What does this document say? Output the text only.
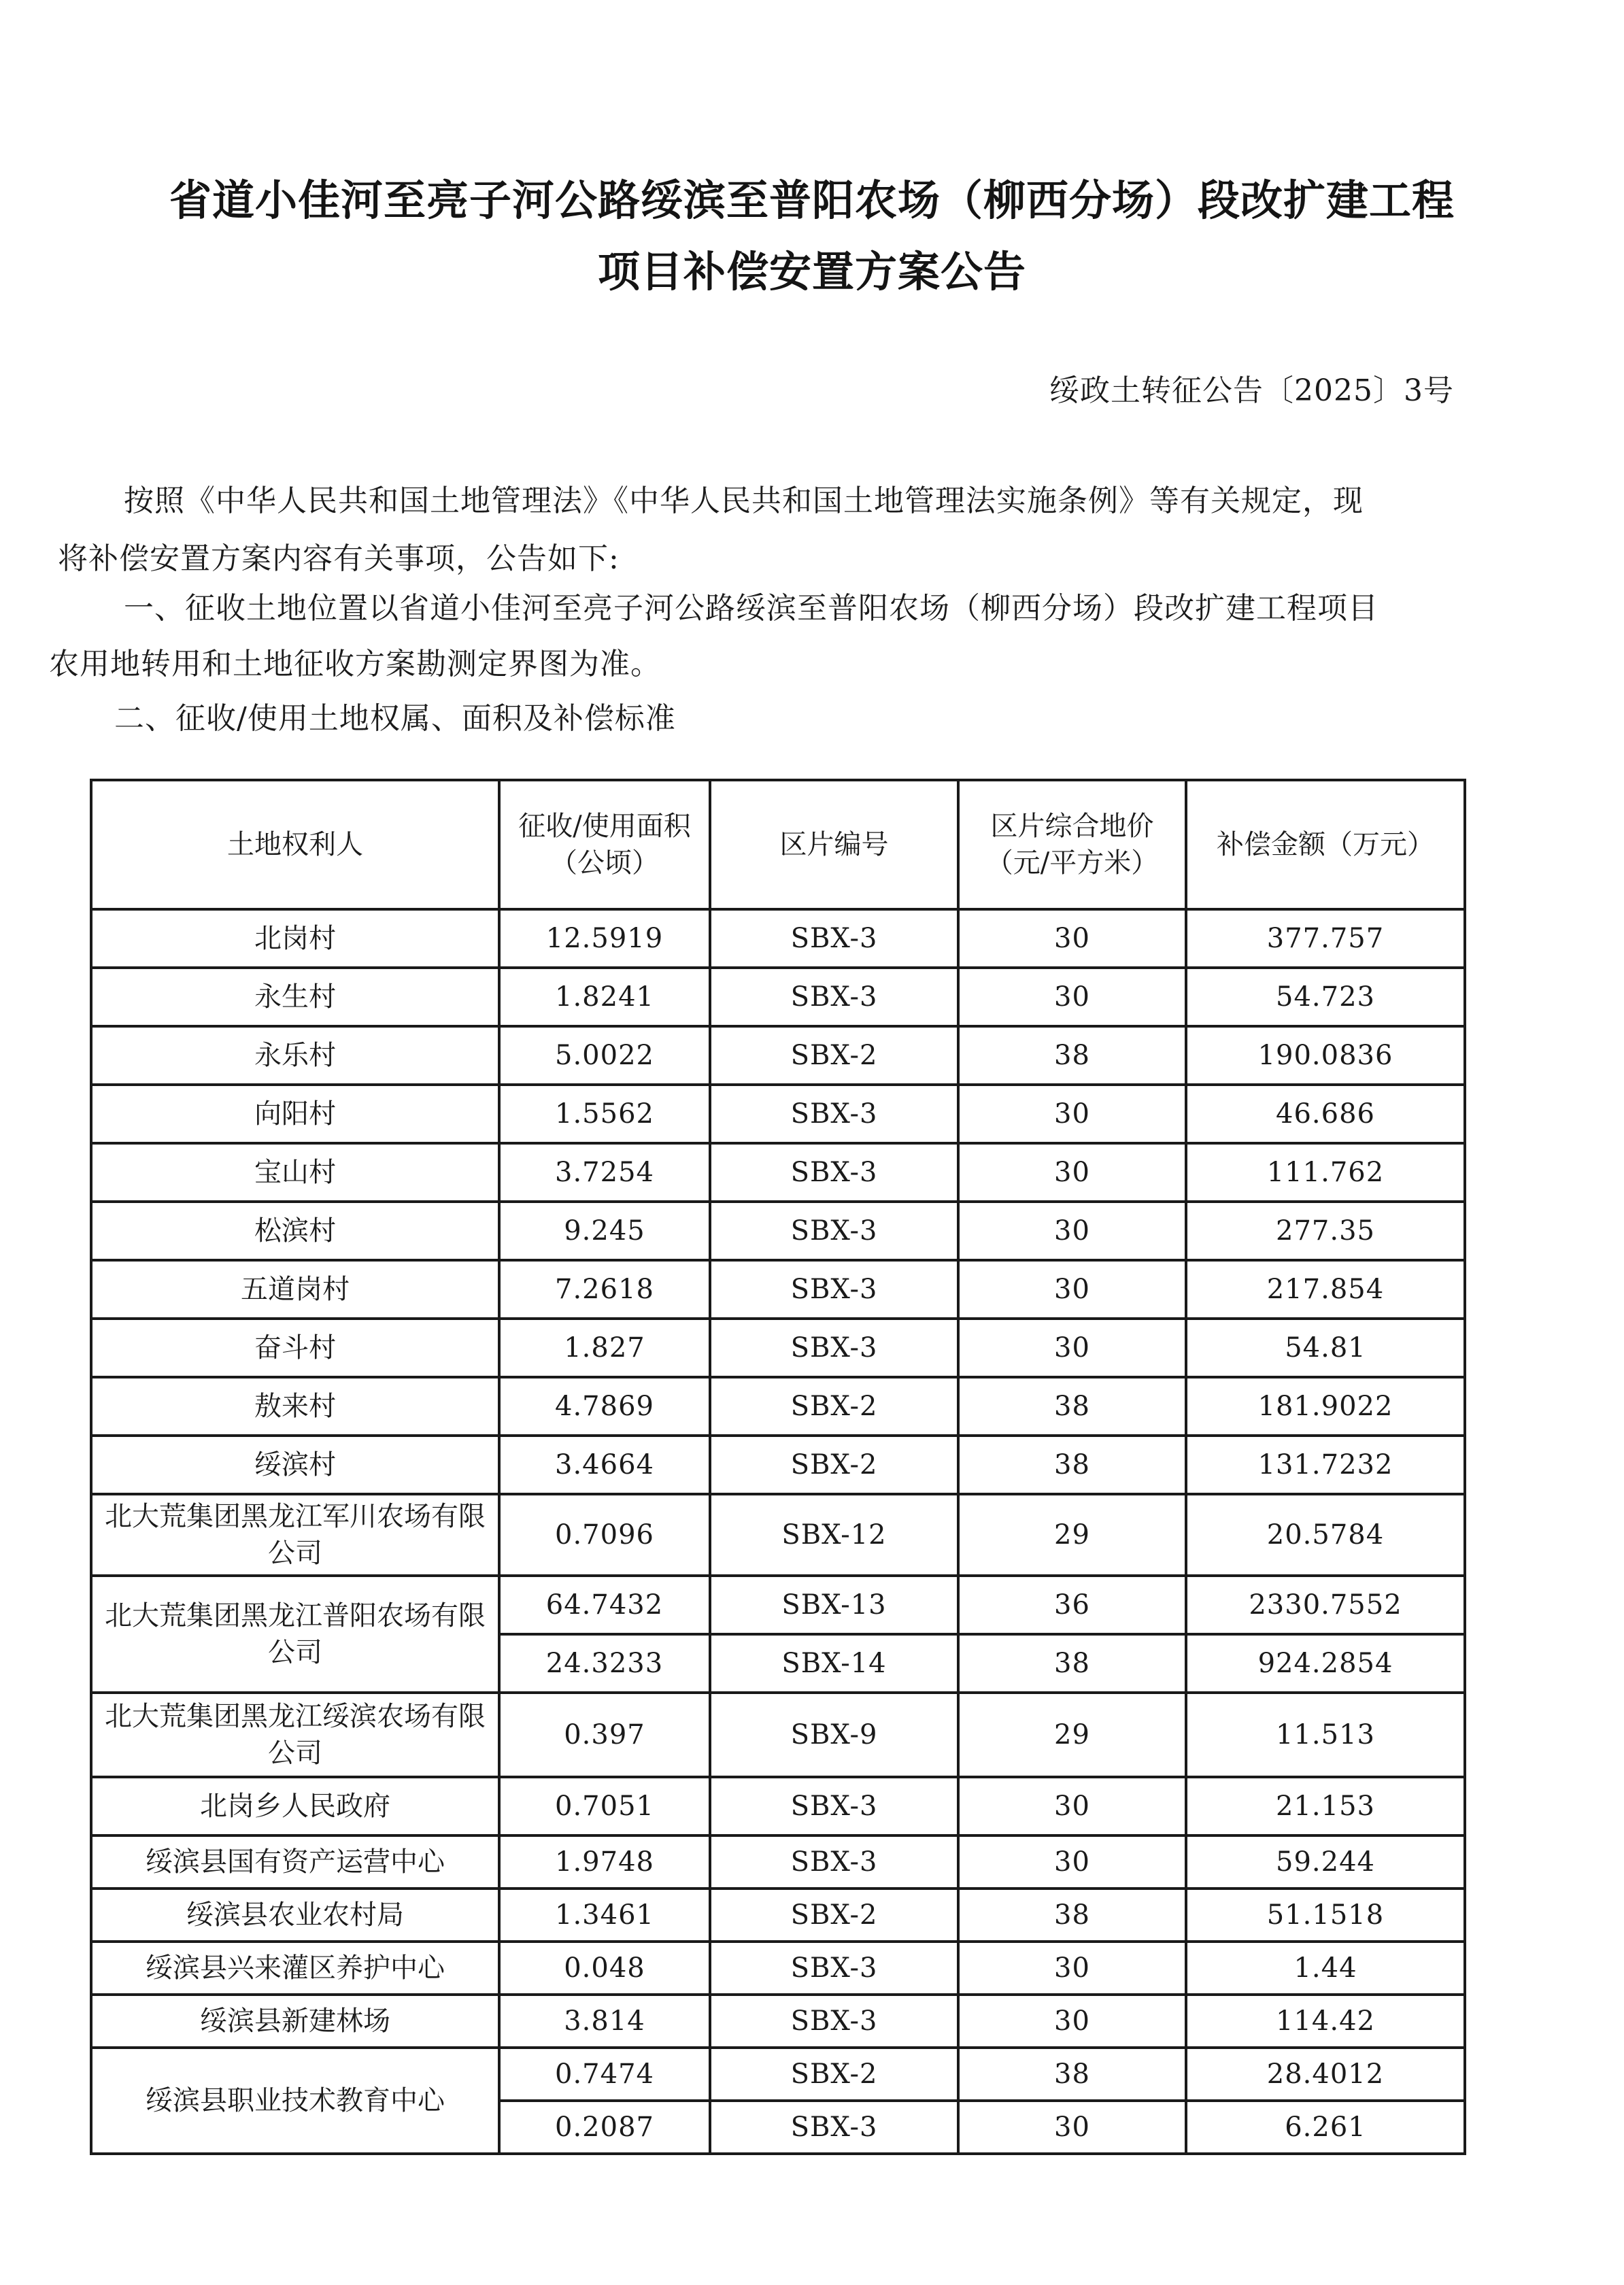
省道小佳河至亮子河公路绥滨至普阳农场（柳西分场）段改扩建工程
项目补偿安置方案公告
绥政土转征公告〔2025〕3号
按照《中华人民共和国土地管理法》《中华人民共和国土地管理法实施条例》等有关规定，现
将补偿安置方案内容有关事项，公告如下:
一、征收土地位置以省道小佳河至亮子河公路绥滨至普阳农场（柳西分场）段改扩建工程项目
农用地转用和土地征收方案勘测定界图为准。
二、征收/使用土地权属、面积及补偿标准
土地权利人	征收/使用面积（公顷）	区片编号	区片综合地价（元/平方米）	补偿金额（万元）
北岗村	12.5919	SBX-3	30	377.757
永生村	1.8241	SBX-3	30	54.723
永乐村	5.0022	SBX-2	38	190.0836
向阳村	1.5562	SBX-3	30	46.686
宝山村	3.7254	SBX-3	30	111.762
松滨村	9.245	SBX-3	30	277.35
五道岗村	7.2618	SBX-3	30	217.854
奋斗村	1.827	SBX-3	30	54.81
敖来村	4.7869	SBX-2	38	181.9022
绥滨村	3.4664	SBX-2	38	131.7232
北大荒集团黑龙江军川农场有限公司	0.7096	SBX-12	29	20.5784
北大荒集团黑龙江普阳农场有限公司	64.7432	SBX-13	36	2330.7552
	24.3233	SBX-14	38	924.2854
北大荒集团黑龙江绥滨农场有限公司	0.397	SBX-9	29	11.513
北岗乡人民政府	0.7051	SBX-3	30	21.153
绥滨县国有资产运营中心	1.9748	SBX-3	30	59.244
绥滨县农业农村局	1.3461	SBX-2	38	51.1518
绥滨县兴来灌区养护中心	0.048	SBX-3	30	1.44
绥滨县新建林场	3.814	SBX-3	30	114.42
绥滨县职业技术教育中心	0.7474	SBX-2	38	28.4012
	0.2087	SBX-3	30	6.261
